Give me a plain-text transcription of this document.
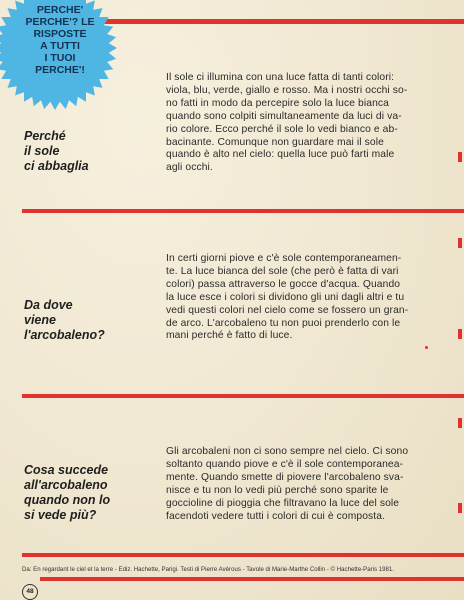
PERCHE'
PERCHE'? LE
RISPOSTE
A TUTTI
I TUOI
PERCHE'!
Perché
il sole
ci abbaglia
Il sole ci illumina con una luce fatta di tanti colori:
viola, blu, verde, giallo e rosso. Ma i nostri occhi so-
no fatti in modo da percepire solo la luce bianca
quando sono colpiti simultaneamente da luci di va-
rio colore. Ecco perché il sole lo vedi bianco e ab-
bacinante. Comunque non guardare mai il sole
quando è alto nel cielo: quella luce può farti male
agli occhi.
Da dove
viene
l'arcobaleno?
In certi giorni piove e c'è sole contemporaneamen-
te. La luce bianca del sole (che però è fatta di vari
colori) passa attraverso le gocce d'acqua. Quando
la luce esce i colori si dividono gli uni dagli altri e tu
vedi questi colori nel cielo come se fossero un gran-
de arco. L'arcobaleno tu non puoi prenderlo con le
mani perché è fatto di luce.
Cosa succede
all'arcobaleno
quando non lo
si vede più?
Gli arcobaleni non ci sono sempre nel cielo. Ci sono
soltanto quando piove e c'è il sole contemporanea-
mente. Quando smette di piovere l'arcobaleno sva-
nisce e tu non lo vedi più perché sono sparite le
goccioline di pioggia che filtravano la luce del sole
facendoti vedere tutti i colori di cui è composta.
Da: En regardant le ciel et la terre - Ediz. Hachette, Parigi. Testi di Pierre Avérous - Tavole di Marie-Marthe Collin - © Hachette-Paris 1981.
48
